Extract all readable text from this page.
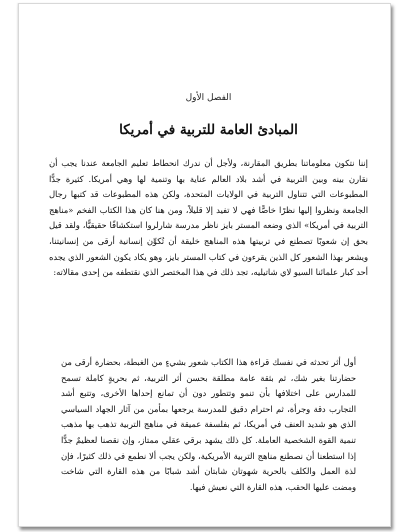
الفصل الأول
المبادئ العامة للتربية في أمريكا
إننا نتكون معلوماتنا بطريق المقارنة، ولأجل أن ندرك انحطاط تعليم الجامعة عندنا يجب أن نقارن بينه وبين التربية في أشد بلاد العالم عناية بها وتنمية لها وهي أمريكا. كثيرة جدًّا المطبوعات التي تتناول التربية في الولايات المتحدة، ولكن هذه المطبوعات قد كتبها رجال الجامعة ونظروا إليها نظرًا خاصًّا فهي لا تفيد إلا قليلاً، ومن هنا كان هذا الكتاب الفخم «مناهج التربية في أمريكا» الذي وضعه المستر بايز ناظر مدرسة شارلروا استكشافًا حقيقيًّا، ولقد قيل بحق إن شعوبًا تصطنع في تربيتها هذه المناهج خليقة أن تُكوِّن إنسانية أرقى من إنسانيتنا، ويشعر بهذا الشعور كل الذين يقرءون في كتاب المستر بايز، وهو يكاد يكون الشعور الذي يجده أحد كبار علمائنا السيو لاي شاتيليه، تجد ذلك في هذا المختصر الذي نقتطفه من إحدى مقالاته:
أول أثر تحدثه في نفسك قراءة هذا الكتاب شعور بشيءٍ من الغبطة، بحضارة أرقى من حضارتنا بغير شك، ثم بثقة عامة مطلقة بحسن أثر التربية، ثم بحريةٍ كاملة تسمح للمدارس على اختلافها بأن تنمو وتتطور دون أن تمانع إحداها الأخرى، وتتبع أشد التجارب دقة وجرأة، ثم احترام دقيق للمدرسة يرجعها بمأمن من آثار الجهاد السياسي الذي هو شديد العنف في أمريكا، ثم بفلسفة عميقة في مناهج التربية تذهب بها مذهب تنمية القوة الشخصية العاملة. كل ذلك يشهد برقي عقلي ممتاز، وإن نقصنا لعظيمٌ جدًّا إذا استطعنا أن نصطنع مناهج التربية الأمريكية، ولكن يجب ألا نطمع في ذلك كثيرًا، فإن لذة العمل والكلف بالحرية شهوتان شابتان أشد شبابًا من هذه القارة التي شاخت ومضت عليها الحقب، هذه القارة التي نعيش فيها.
